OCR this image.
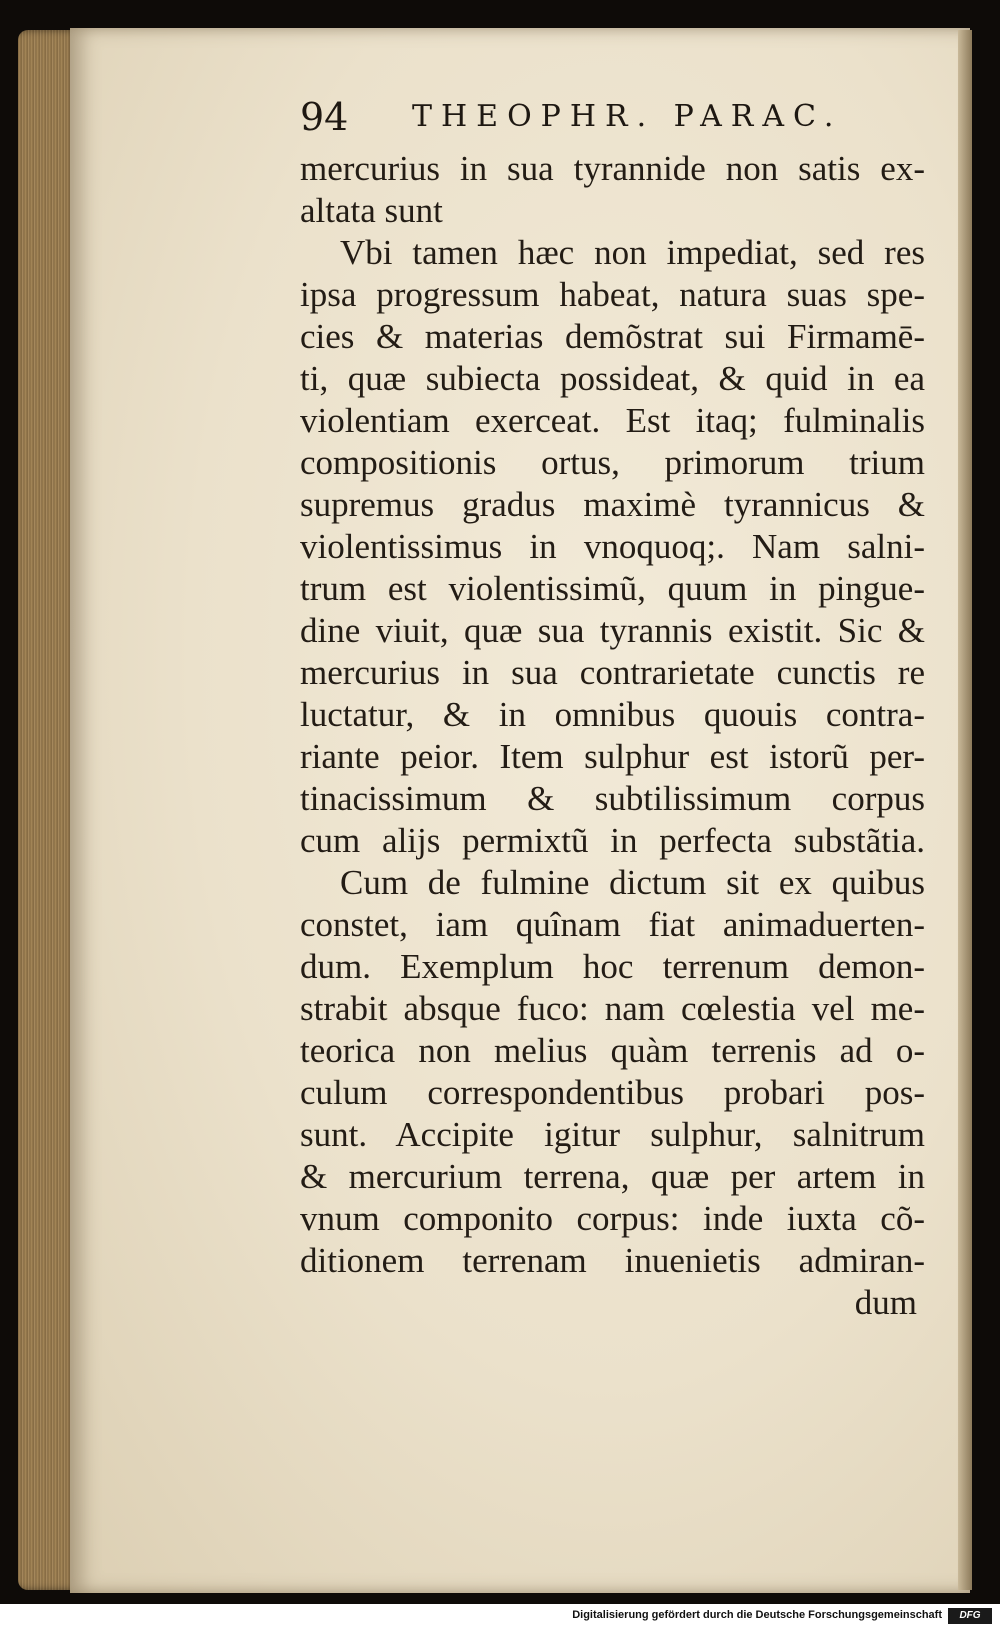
94 THEOPHR. PARAC.
mercurius in sua tyrannide non satis ex-
altata sunt
Vbi tamen hæc non impediat, sed res
ipsa progressum habeat, natura suas spe-
cies & materias demõstrat sui Firmamē-
ti, quæ subiecta possideat, & quid in ea
violentiam exerceat. Est itaq; fulminalis
compositionis ortus, primorum trium
supremus gradus maximè tyrannicus &
violentissimus in vnoquoq;. Nam salni-
trum est violentissimũ, quum in pingue-
dine viuit, quæ sua tyrannis existit. Sic &
mercurius in sua contrarietate cunctis re
luctatur, & in omnibus quouis contra-
riante peior. Item sulphur est istorũ per-
tinacissimum & subtilissimum corpus
cum alijs permixtũ in perfecta substãtia.
Cum de fulmine dictum sit ex quibus
constet, iam quînam fiat animaduerten-
dum. Exemplum hoc terrenum demon-
strabit absque fuco: nam cœlestia vel me-
teorica non melius quàm terrenis ad o-
culum correspondentibus probari pos-
sunt. Accipite igitur sulphur, salnitrum
& mercurium terrena, quæ per artem in
vnum componito corpus: inde iuxta cõ-
ditionem terrenam inuenietis admiran-
dum
Digitalisierung gefördert durch die Deutsche Forschungsgemeinschaft	DFG
